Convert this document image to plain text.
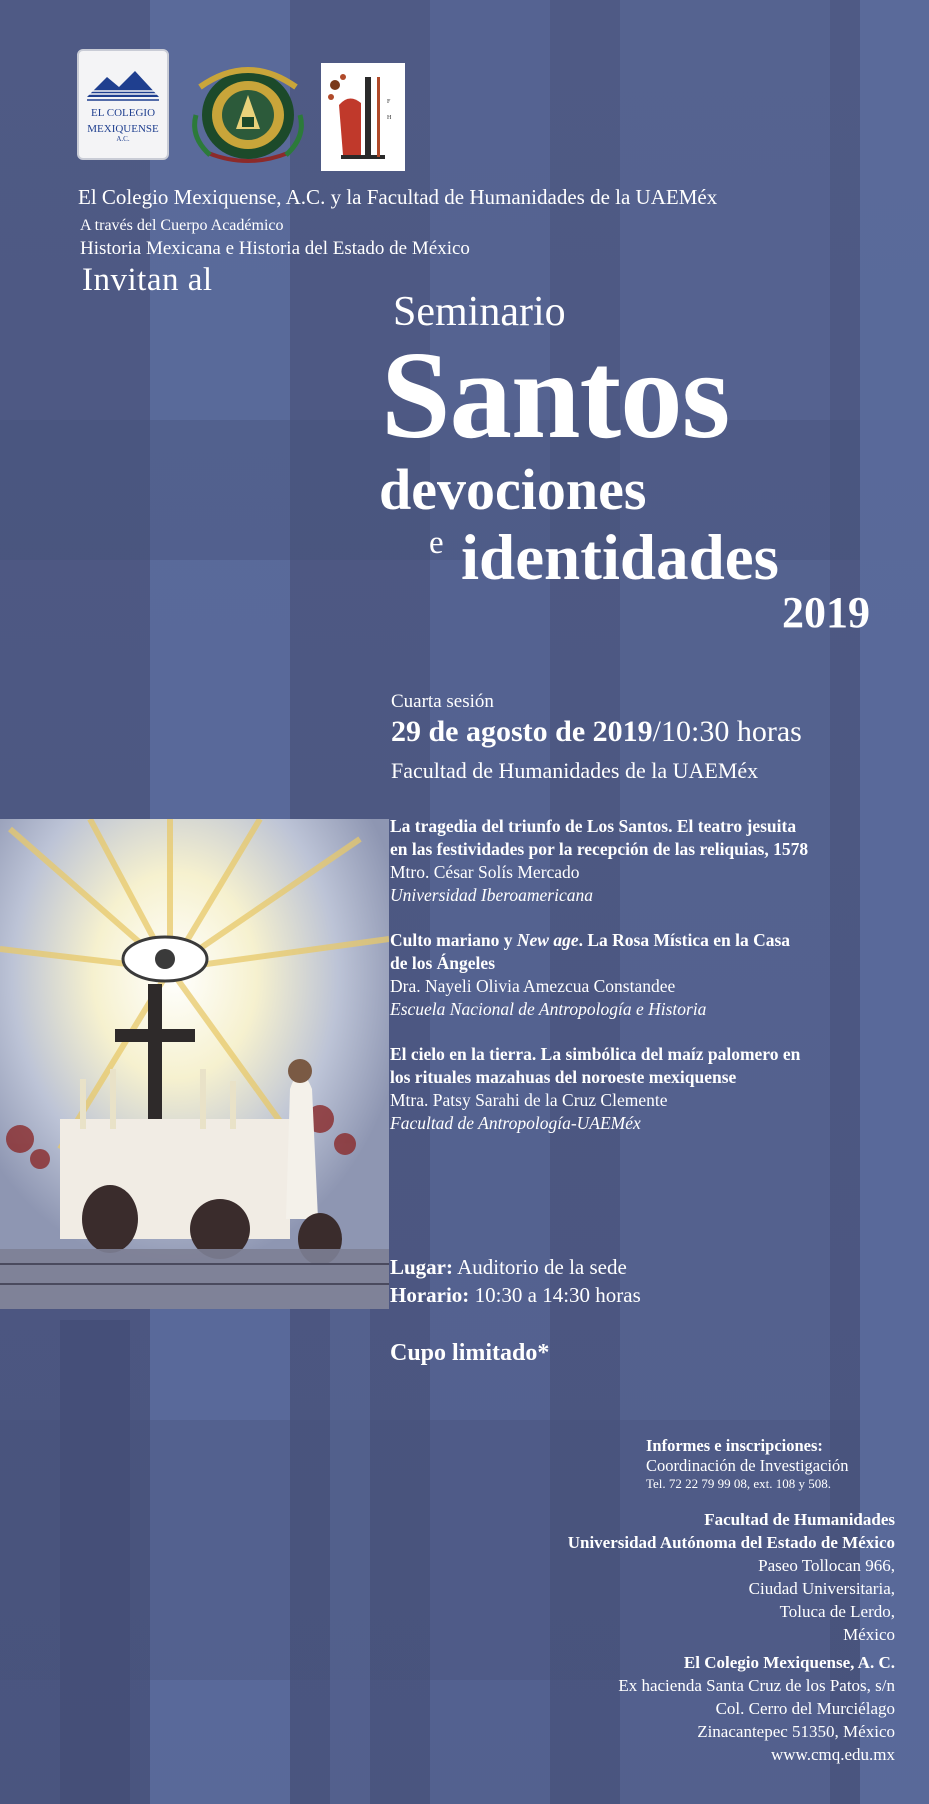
EL COLEGIO
MEXIQUENSE
A.C.
F
H
El Colegio Mexiquense, A.C. y la Facultad de Humanidades de la UAEMéx
A través del Cuerpo Académico
Historia Mexicana e Historia del Estado de México
Invitan al
Seminario
Santos
devociones
e identidades
2019
Cuarta sesión
29 de agosto de 2019/10:30 horas
Facultad de Humanidades de la UAEMéx
La tragedia del triunfo de Los Santos. El teatro jesuita en las festividades por la recepción de las reliquias, 1578
Mtro. César Solís Mercado
Universidad Iberoamericana
Culto mariano y New age. La Rosa Mística en la Casa de los Ángeles
Dra. Nayeli Olivia Amezcua Constandee
Escuela Nacional de Antropología e Historia
El cielo en la tierra. La simbólica del maíz palomero en los rituales mazahuas del noroeste mexiquense
Mtra. Patsy Sarahi de la Cruz Clemente
Facultad de Antropología-UAEMéx
Lugar: Auditorio de la sede
Horario: 10:30 a 14:30 horas
Cupo limitado*
Informes e inscripciones:
Coordinación de Investigación
Tel. 72 22 79 99 08, ext. 108 y 508.
Facultad de Humanidades
Universidad Autónoma del Estado de México
Paseo Tollocan 966,
Ciudad Universitaria,
Toluca de Lerdo,
México
El Colegio Mexiquense, A. C.
Ex hacienda Santa Cruz de los Patos, s/n
Col. Cerro del Murciélago
Zinacantepec 51350, México
www.cmq.edu.mx
